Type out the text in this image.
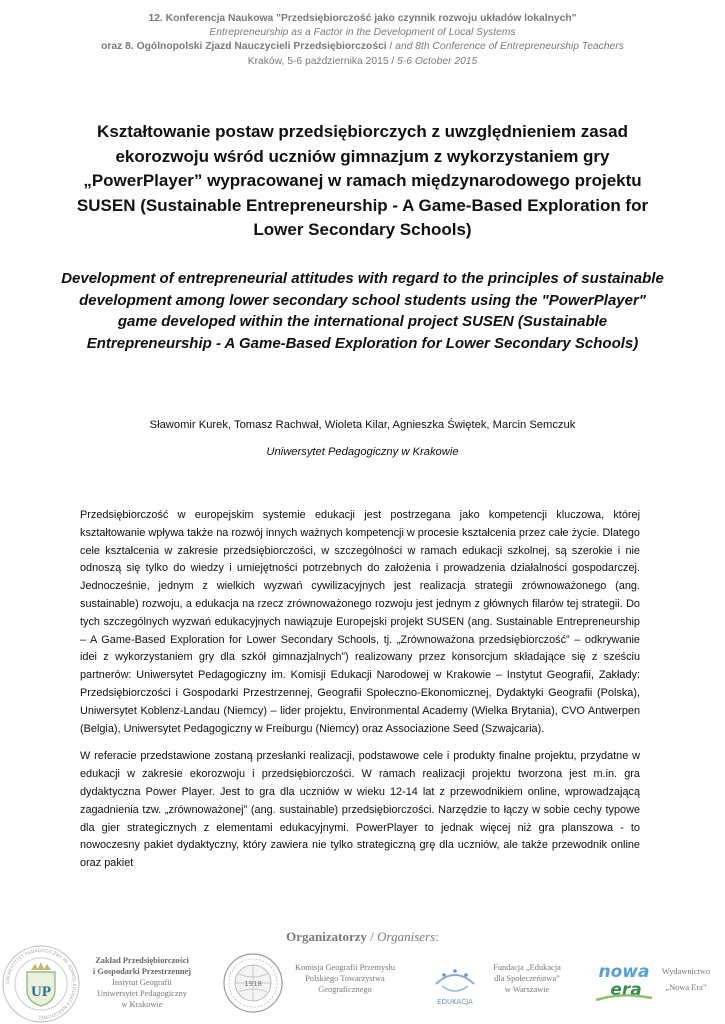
12. Konferencja Naukowa "Przedsiębiorczość jako czynnik rozwoju układów lokalnych"
Entrepreneurship as a Factor in the Development of Local Systems
oraz 8. Ogólnopolski Zjazd Nauczycieli Przedsiębiorczości / and 8th Conference of Entrepreneurship Teachers
Kraków, 5-6 października 2015 / 5-6 October 2015
Kształtowanie postaw przedsiębiorczych z uwzględnieniem zasad ekorozwoju wśród uczniów gimnazjum z wykorzystaniem gry „PowerPlayer” wypracowanej w ramach międzynarodowego projektu SUSEN (Sustainable Entrepreneurship - A Game-Based Exploration for Lower Secondary Schools)
Development of entrepreneurial attitudes with regard to the principles of sustainable development among lower secondary school students using the "PowerPlayer" game developed within the international project SUSEN (Sustainable Entrepreneurship - A Game-Based Exploration for Lower Secondary Schools)
Sławomir Kurek, Tomasz Rachwał, Wioleta Kilar, Agnieszka Świętek, Marcin Semczuk
Uniwersytet Pedagogiczny w Krakowie

Przedsiębiorczość w europejskim systemie edukacji jest postrzegana jako kompetencji kluczowa, której kształtowanie wpływa także na rozwój innych ważnych kompetencji w procesie kształcenia przez całe życie. Dlatego cele kształcenia w zakresie przedsiębiorczości, w szczególności w ramach edukacji szkolnej, są szerokie i nie odnoszą się tylko do wiedzy i umiejętności potrzebnych do założenia i prowadzenia działalności gospodarczej. Jednocześnie, jednym z wielkich wyzwań cywilizacyjnych jest realizacja strategii zrównoważonego (ang. sustainable) rozwoju, a edukacja na rzecz zrównoważonego rozwoju jest jednym z głównych filarów tej strategii. Do tych szczególnych wyzwań edukacyjnych nawiązuje Europejski projekt SUSEN (ang. Sustainable Entrepreneurship – A Game-Based Exploration for Lower Secondary Schools, tj. „Zrównoważona przedsiębiorczość” – odkrywanie idei z wykorzystaniem gry dla szkół gimnazjalnych”) realizowany przez konsorcjum składające się z sześciu partnerów: Uniwersytet Pedagogiczny im. Komisji Edukacji Narodowej w Krakowie – Instytut Geografii, Zakłady: Przedsiębiorczości i Gospodarki Przestrzennej, Geografii Społeczno-Ekonomicznej, Dydaktyki Geografii (Polska), Uniwersytet Koblenz-Landau (Niemcy) – lider projektu, Environmental Academy (Wielka Brytania), CVO Antwerpen (Belgia), Uniwersytet Pedagogiczny w Freiburgu (Niemcy) oraz Associazione Seed (Szwajcaria).

W referacie przedstawione zostaną przesłanki realizacji, podstawowe cele i produkty finalne projektu, przydatne w edukacji w zakresie ekorozwoju i przedsiębiorczości. W ramach realizacji projektu tworzona jest m.in. gra dydaktyczna Power Player. Jest to gra dla uczniów w wieku 12-14 lat z przewodnikiem online, wprowadzającą zagadnienia tzw. „zrównoważonej” (ang. sustainable) przedsiębiorczości. Narzędzie to łączy w sobie cechy typowe dla gier strategicznych z elementami edukacyjnymi. PowerPlayer to jednak więcej niż gra planszowa - to nowoczesny pakiet dydaktyczny, który zawiera nie tylko strategiczną grę dla uczniów, ale także przewodnik online oraz pakiet

Organizatorzy / Organisers:
UNIWERSYTET PEDAGOGICZNY IM. KOMISJI EDUKACJI NARODOWEJ
UP
Zakład Przedsiębiorczości
i Gospodarki Przestrzennej
Instytut Geografii
Uniwersytet Pedagogiczny
w Krakowie
1918
Komisja Geografii Przemysłu
Polskiego Towarzystwa
Geograficznego
EDUKACJA
Fundacja „Edukacja
dla Społeczeństwa”
w Warszawie
nowa
era
Wydawnictwo
„Nowa Era”
